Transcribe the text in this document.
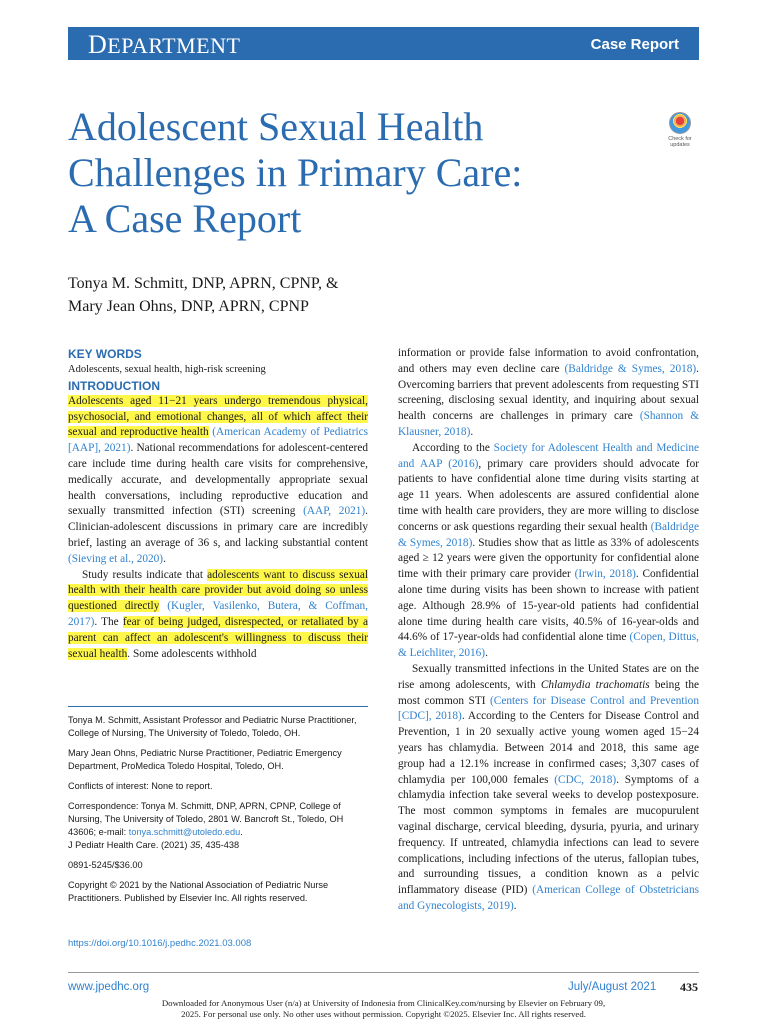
DEPARTMENT	Case Report
Adolescent Sexual Health
Challenges in Primary Care:
A Case Report
Check for updates
Tonya M. Schmitt, DNP, APRN, CPNP, &
Mary Jean Ohns, DNP, APRN, CPNP

KEY WORDS

Adolescents, sexual health, high-risk screening

INTRODUCTION

Adolescents aged 11−21 years undergo tremendous physical, psychosocial, and emotional changes, all of which affect their sexual and reproductive health (American Academy of Pediatrics [AAP], 2021). National recommendations for adolescent-centered care include time during health care visits for comprehensive, medically accurate, and developmentally appropriate sexual health conversations, including reproductive education and sexually transmitted infection (STI) screening (AAP, 2021). Clinician-adolescent discussions in primary care are incredibly brief, lasting an average of 36 s, and lacking substantial content (Sieving et al., 2020).

Study results indicate that adolescents want to discuss sexual health with their health care provider but avoid doing so unless questioned directly (Kugler, Vasilenko, Butera, & Coffman, 2017). The fear of being judged, disrespected, or retaliated by a parent can affect an adolescent's willingness to discuss their sexual health. Some adolescents withhold

Tonya M. Schmitt, Assistant Professor and Pediatric Nurse Practitioner, College of Nursing, The University of Toledo, Toledo, OH.

Mary Jean Ohns, Pediatric Nurse Practitioner, Pediatric Emergency Department, ProMedica Toledo Hospital, Toledo, OH.

Conflicts of interest: None to report.

Correspondence: Tonya M. Schmitt, DNP, APRN, CPNP, College of Nursing, The University of Toledo, 2801 W. Bancroft St., Toledo, OH 43606; e-mail: tonya.schmitt@utoledo.edu.
J Pediatr Health Care. (2021) 35, 435-438

0891-5245/$36.00

Copyright © 2021 by the National Association of Pediatric Nurse Practitioners. Published by Elsevier Inc. All rights reserved.

https://doi.org/10.1016/j.pedhc.2021.03.008

information or provide false information to avoid confrontation, and others may even decline care (Baldridge & Symes, 2018). Overcoming barriers that prevent adolescents from requesting STI screening, disclosing sexual identity, and inquiring about sexual health concerns are challenges in primary care (Shannon & Klausner, 2018).

According to the Society for Adolescent Health and Medicine and AAP (2016), primary care providers should advocate for patients to have confidential alone time during visits starting at age 11 years. When adolescents are assured confidential alone time with health care providers, they are more willing to disclose concerns or ask questions regarding their sexual health (Baldridge & Symes, 2018). Studies show that as little as 33% of adolescents aged ≥ 12 years were given the opportunity for confidential alone time with their primary care provider (Irwin, 2018). Confidential alone time during visits has been shown to increase with patient age. Although 28.9% of 15-year-old patients had confidential alone time during health care visits, 40.5% of 16-year-olds and 44.6% of 17-year-olds had confidential alone time (Copen, Dittus, & Leichliter, 2016).

Sexually transmitted infections in the United States are on the rise among adolescents, with Chlamydia trachomatis being the most common STI (Centers for Disease Control and Prevention [CDC], 2018). According to the Centers for Disease Control and Prevention, 1 in 20 sexually active young women aged 15−24 years has chlamydia. Between 2014 and 2018, this same age group had a 12.1% increase in confirmed cases; 3,307 cases of chlamydia per 100,000 females (CDC, 2018). Symptoms of a chlamydia infection take several weeks to develop postexposure. The most common symptoms in females are mucopurulent vaginal discharge, cervical bleeding, dysuria, pyuria, and urinary frequency. If untreated, chlamydia infections can lead to severe complications, including infections of the uterus, fallopian tubes, and surrounding tissues, a condition known as a pelvic inflammatory disease (PID) (American College of Obstetricians and Gynecologists, 2019).

www.jpedhc.org	July/August 2021 435
Downloaded for Anonymous User (n/a) at University of Indonesia from ClinicalKey.com/nursing by Elsevier on February 09,
2025. For personal use only. No other uses without permission. Copyright ©2025. Elsevier Inc. All rights reserved.
